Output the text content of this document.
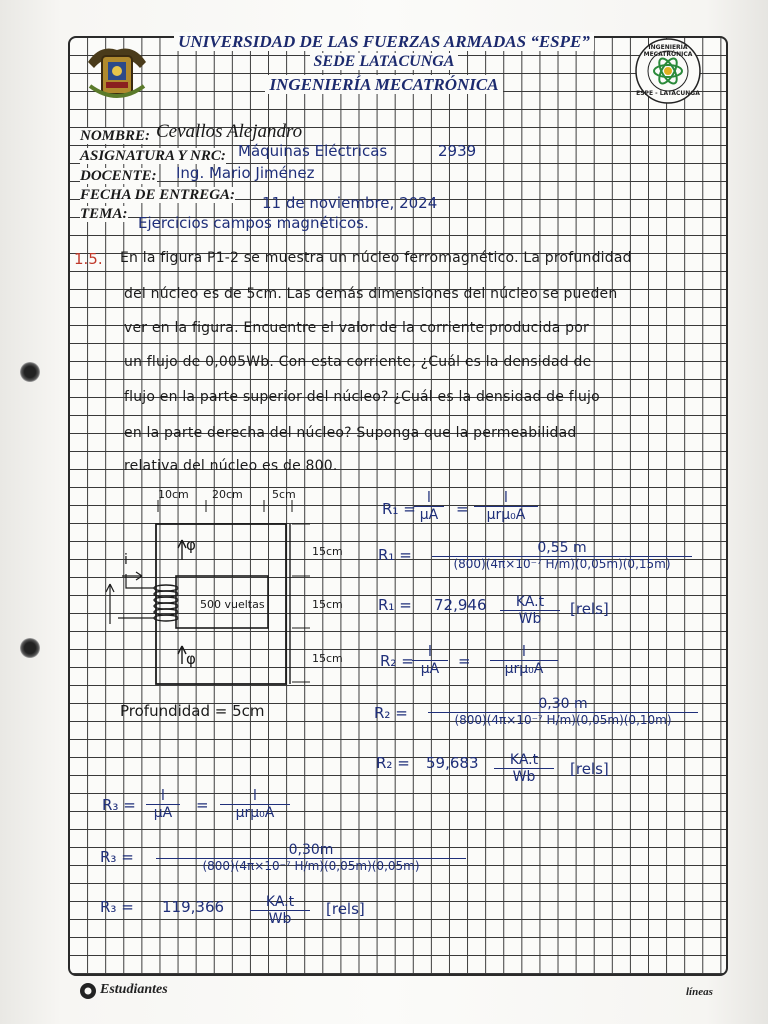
INGENIERÍA MECATRÓNICA
ESPE - LATACUNGA
UNIVERSIDAD DE LAS FUERZAS ARMADAS “ESPE”
SEDE LATACUNGA
INGENIERÍA MECATRÓNICA
NOMBRE: Cevallos Alejandro
ASIGNATURA Y NRC: Máquinas Eléctricas	2939
DOCENTE: Ing. Mario Jiménez
FECHA DE ENTREGA: 11 de noviembre, 2024
TEMA: Ejercicios campos magnéticos.
1.5. En la figura P1-2 se muestra un núcleo ferromagnético. La profundidad
del núcleo es de 5cm. Las demás dimensiones del núcleo se pueden
ver en la figura. Encuentre el valor de la corriente producida por
un flujo de 0,005Wb. Con esta corriente, ¿Cuál es la densidad de
flujo en la parte superior del núcleo? ¿Cuál es la densidad de flujo
en la parte derecha del núcleo? Suponga que la permeabilidad
relativa del núcleo es de 800.
10cm 20cm	5cm
15cm
15cm
15cm
500 vueltas
φ
φ
i
Profundidad = 5cm
R₁ =
$\frac{l}{\mu A}$ =
l
μrμ₀A
$R_1 = \frac{0,55 m}{\text{(800)(4π×10⁻⁷ H/m)(0,05m)(0,15m)}}$
$R_1 = 72,946 \frac{KA.t}{Wb}$ [rels]
R₂ =
$\frac{l}{\mu A}$ =	l
μrμ₀A
$R_2 = \frac{0,30 m}{\text{(800)(4π×10⁻⁷ H/m)(0,05m)(0,10m)}}$
$R_2 = 59,683 \frac{KA.t}{Wb}$ [rels]
$R_3 = \frac{l}{\mu A}$ =	l
μrμ₀A
$R_3 = \frac{0,30m}{\text{(800)(4π×10⁻⁷ H/m)(0,05m)(0,05m)}}$
$R_3 = 119,366 \frac{KA.t}{Wb}$ [rels]
Estudiantes	líneas
